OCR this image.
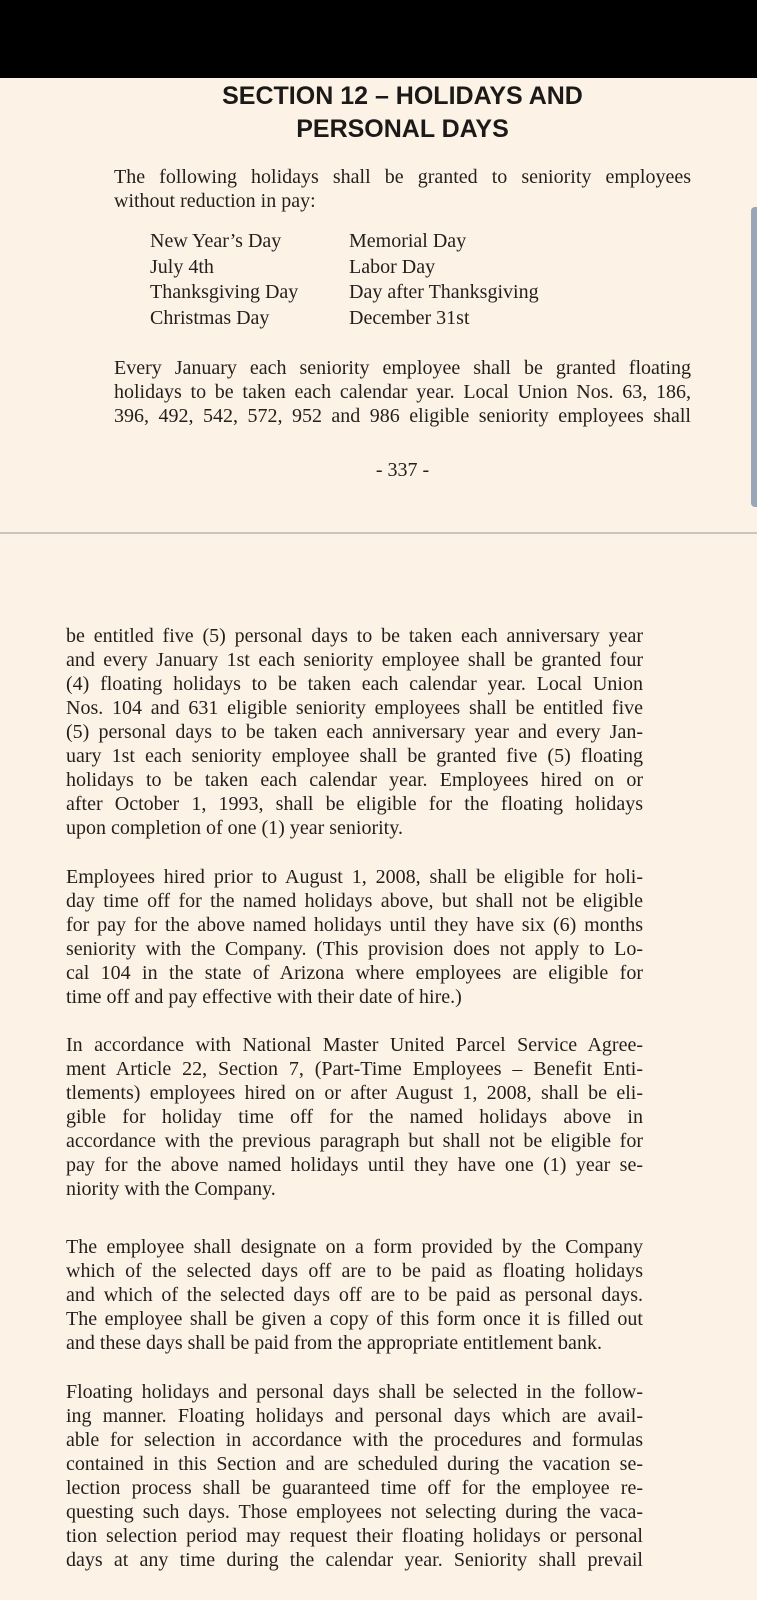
SECTION 12 – HOLIDAYS AND
PERSONAL DAYS
The following holidays shall be granted to seniority employees
without reduction in pay:
New Year’s Day	Memorial Day
July 4th	Labor Day
Thanksgiving Day	Day after Thanksgiving
Christmas Day	December 31st
Every January each seniority employee shall be granted floating
holidays to be taken each calendar year. Local Union Nos. 63, 186,
396, 492, 542, 572, 952 and 986 eligible seniority employees shall
- 337 -
be entitled five (5) personal days to be taken each anniversary year
and every January 1st each seniority employee shall be granted four
(4) floating holidays to be taken each calendar year. Local Union
Nos. 104 and 631 eligible seniority employees shall be entitled five
(5) personal days to be taken each anniversary year and every Jan-
uary 1st each seniority employee shall be granted five (5) floating
holidays to be taken each calendar year. Employees hired on or
after October 1, 1993, shall be eligible for the floating holidays
upon completion of one (1) year seniority.
Employees hired prior to August 1, 2008, shall be eligible for holi-
day time off for the named holidays above, but shall not be eligible
for pay for the above named holidays until they have six (6) months
seniority with the Company. (This provision does not apply to Lo-
cal 104 in the state of Arizona where employees are eligible for
time off and pay effective with their date of hire.)
In accordance with National Master United Parcel Service Agree-
ment Article 22, Section 7, (Part-Time Employees – Benefit Enti-
tlements) employees hired on or after August 1, 2008, shall be eli-
gible for holiday time off for the named holidays above in
accordance with the previous paragraph but shall not be eligible for
pay for the above named holidays until they have one (1) year se-
niority with the Company.
The employee shall designate on a form provided by the Company
which of the selected days off are to be paid as floating holidays
and which of the selected days off are to be paid as personal days.
The employee shall be given a copy of this form once it is filled out
and these days shall be paid from the appropriate entitlement bank.
Floating holidays and personal days shall be selected in the follow-
ing manner. Floating holidays and personal days which are avail-
able for selection in accordance with the procedures and formulas
contained in this Section and are scheduled during the vacation se-
lection process shall be guaranteed time off for the employee re-
questing such days. Those employees not selecting during the vaca-
tion selection period may request their floating holidays or personal
days at any time during the calendar year. Seniority shall prevail
